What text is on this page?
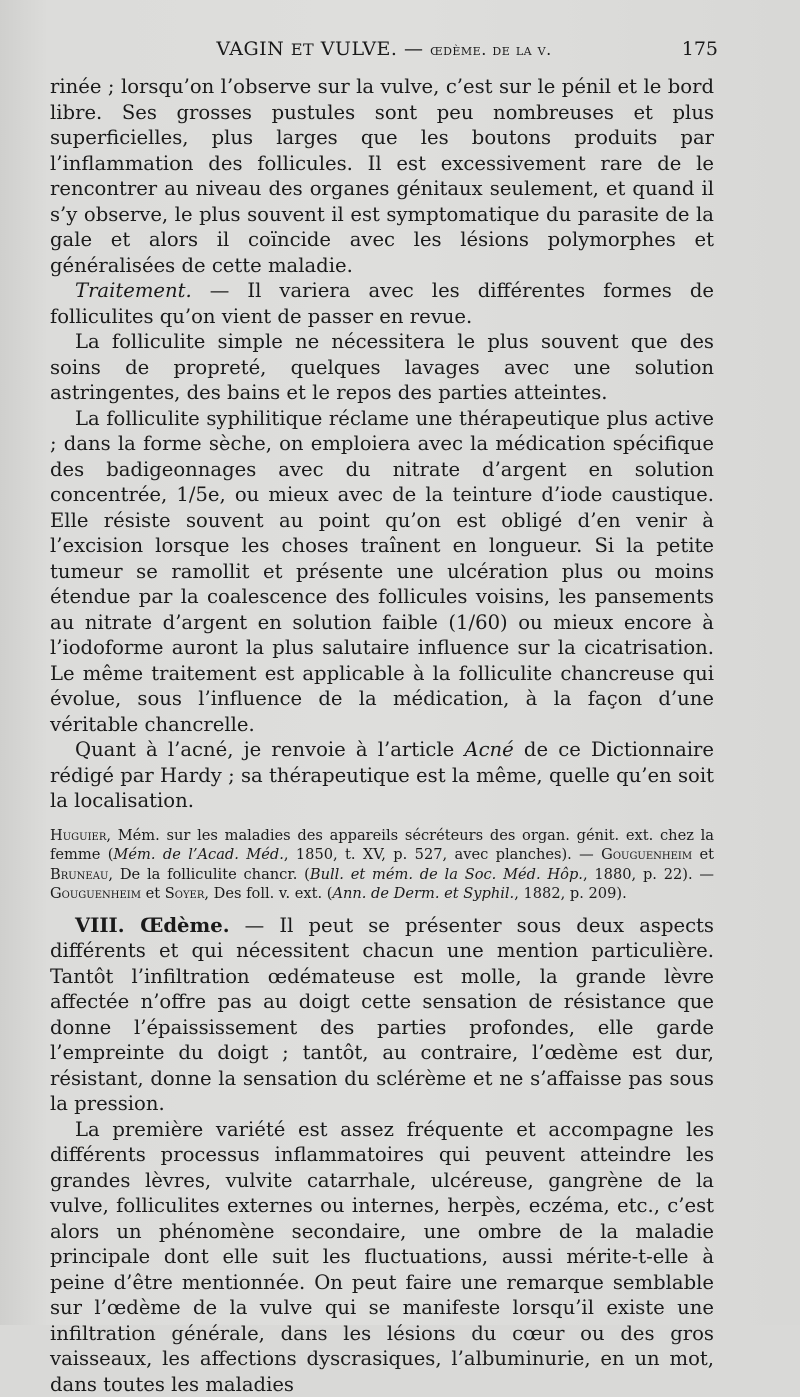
VAGIN ET VULVE. — œdème. de la v.	175

rinée ; lorsqu’on l’observe sur la vulve, c’est sur le pénil et le bord libre. Ses grosses pustules sont peu nombreuses et plus superficielles, plus larges que les boutons produits par l’inflammation des follicules. Il est excessivement rare de le rencontrer au niveau des organes génitaux seulement, et quand il s’y observe, le plus souvent il est symptomatique du parasite de la gale et alors il coïncide avec les lésions polymorphes et généralisées de cette maladie.

Traitement. — Il variera avec les différentes formes de folliculites qu’on vient de passer en revue.

La folliculite simple ne nécessitera le plus souvent que des soins de propreté, quelques lavages avec une solution astringentes, des bains et le repos des parties atteintes.

La folliculite syphilitique réclame une thérapeutique plus active ; dans la forme sèche, on emploiera avec la médication spécifique des badigeonnages avec du nitrate d’argent en solution concentrée, 1/5e, ou mieux avec de la teinture d’iode caustique. Elle résiste souvent au point qu’on est obligé d’en venir à l’excision lorsque les choses traînent en longueur. Si la petite tumeur se ramollit et présente une ulcération plus ou moins étendue par la coalescence des follicules voisins, les pansements au nitrate d’argent en solution faible (1/60) ou mieux encore à l’iodoforme auront la plus salutaire influence sur la cicatrisation. Le même traitement est applicable à la folliculite chancreuse qui évolue, sous l’influence de la médication, à la façon d’une véritable chancrelle.

Quant à l’acné, je renvoie à l’article Acné de ce Dictionnaire rédigé par Hardy ; sa thérapeutique est la même, quelle qu’en soit la localisation.

Huguier, Mém. sur les maladies des appareils sécréteurs des organ. génit. ext. chez la femme (Mém. de l’Acad. Méd., 1850, t. XV, p. 527, avec planches). — Gouguenheim et Bruneau, De la folliculite chancr. (Bull. et mém. de la Soc. Méd. Hôp., 1880, p. 22). — Gouguenheim et Soyer, Des foll. v. ext. (Ann. de Derm. et Syphil., 1882, p. 209).

VIII. Œdème. — Il peut se présenter sous deux aspects différents et qui nécessitent chacun une mention particulière. Tantôt l’infiltration œdémateuse est molle, la grande lèvre affectée n’offre pas au doigt cette sensation de résistance que donne l’épaississement des parties profondes, elle garde l’empreinte du doigt ; tantôt, au contraire, l’œdème est dur, résistant, donne la sensation du sclérème et ne s’affaisse pas sous la pression.

La première variété est assez fréquente et accompagne les différents processus inflammatoires qui peuvent atteindre les grandes lèvres, vulvite catarrhale, ulcéreuse, gangrène de la vulve, folliculites externes ou internes, herpès, eczéma, etc., c’est alors un phénomène secondaire, une ombre de la maladie principale dont elle suit les fluctuations, aussi mérite-t-elle à peine d’être mentionnée. On peut faire une remarque semblable sur l’œdème de la vulve qui se manifeste lorsqu’il existe une infiltration générale, dans les lésions du cœur ou des gros vaisseaux, les affections dyscrasiques, l’albuminurie, en un mot, dans toutes les maladies
